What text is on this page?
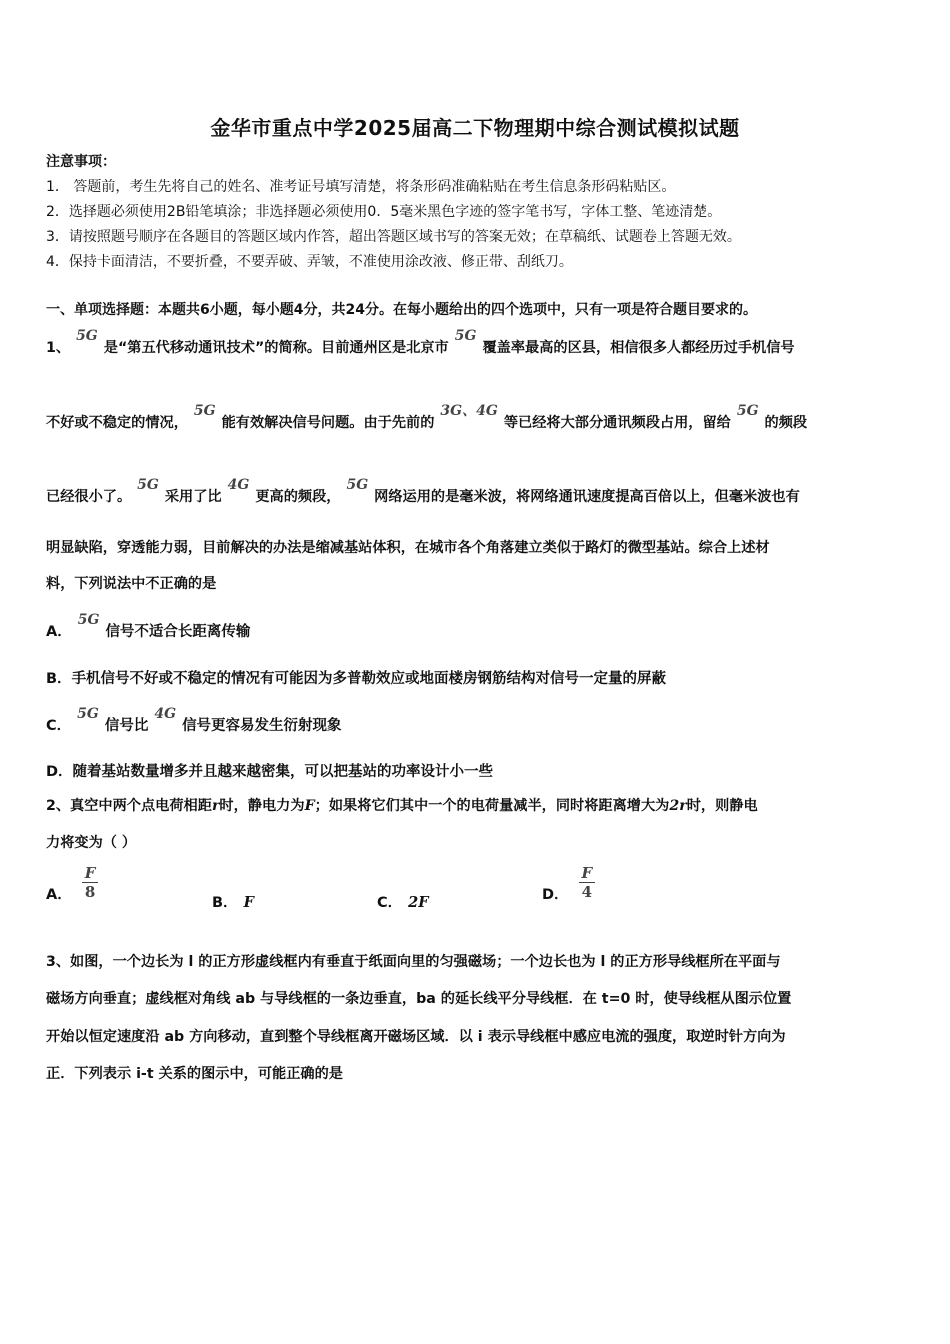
金华市重点中学2025届高二下物理期中综合测试模拟试题
注意事项：
1． 答题前，考生先将自己的姓名、准考证号填写清楚，将条形码准确粘贴在考生信息条形码粘贴区。
2．选择题必须使用2B铅笔填涂；非选择题必须使用0．5毫米黑色字迹的签字笔书写，字体工整、笔迹清楚。
3．请按照题号顺序在各题目的答题区域内作答，超出答题区域书写的答案无效；在草稿纸、试题卷上答题无效。
4．保持卡面清洁，不要折叠，不要弄破、弄皱，不准使用涂改液、修正带、刮纸刀。
一、单项选择题：本题共6小题，每小题4分，共24分。在每小题给出的四个选项中，只有一项是符合题目要求的。
1、5G是“第五代移动通讯技术”的简称。目前通州区是北京市5G覆盖率最高的区县，相信很多人都经历过手机信号
不好或不稳定的情况，5G能有效解决信号问题。由于先前的3G、4G等已经将大部分通讯频段占用，留给5G的频段
已经很小了。5G采用了比4G更高的频段，5G网络运用的是毫米波，将网络通讯速度提高百倍以上，但毫米波也有
明显缺陷，穿透能力弱，目前解决的办法是缩减基站体积，在城市各个角落建立类似于路灯的微型基站。综合上述材
料，下列说法中不正确的是
A．5G信号不适合长距离传输
B．手机信号不好或不稳定的情况有可能因为多普勒效应或地面楼房钢筋结构对信号一定量的屏蔽
C．5G信号比4G信号更容易发生衍射现象
D．随着基站数量增多并且越来越密集，可以把基站的功率设计小一些
2、真空中两个点电荷相距r时，静电力为F；如果将它们其中一个的电荷量减半，同时将距离增大为2r时，则静电
力将变为（ ）
A． $\frac{F}{8}$
B． F	C． 2F	D． $\frac{F}{4}$
3、如图，一个边长为 l 的正方形虚线框内有垂直于纸面向里的匀强磁场；一个边长也为 l 的正方形导线框所在平面与
磁场方向垂直；虚线框对角线 ab 与导线框的一条边垂直，ba 的延长线平分导线框．在 t=0 时，使导线框从图示位置
开始以恒定速度沿 ab 方向移动，直到整个导线框离开磁场区域．以 i 表示导线框中感应电流的强度，取逆时针方向为
正．下列表示 i-t 关系的图示中，可能正确的是
